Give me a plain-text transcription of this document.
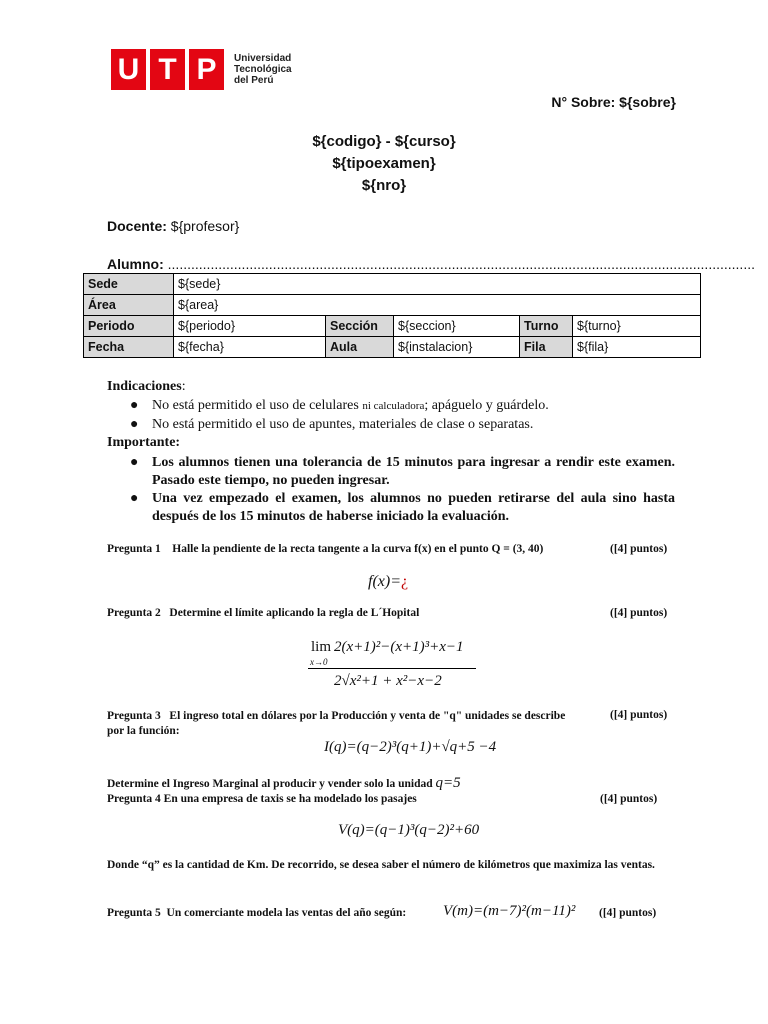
U T P	Universidad
Tecnológica
del Perú
N° Sobre: ${sobre}
${codigo} - ${curso}
${tipoexamen}
${nro}
Docente: ${profesor}
Alumno: .......................................................................................................................................................
Sede	${sede}				
Área	${area}				
Periodo	${periodo}	Sección	${seccion}	Turno	${turno}
Fecha	${fecha}	Aula	${instalacion}	Fila	${fila}
Indicaciones:
● No está permitido el uso de celulares ni calculadora; apáguelo y guárdelo.
● No está permitido el uso de apuntes, materiales de clase o separatas.
Importante:
● Los alumnos tienen una tolerancia de 15 minutos para ingresar a rendir este examen. Pasado este tiempo, no pueden ingresar.
● Una vez empezado el examen, los alumnos no pueden retirarse del aula sino hasta después de los 15 minutos de haberse iniciado la evaluación.
Pregunta 1    Halle la pendiente de la recta tangente a la curva f(x) en el punto Q = (3, 40)	([4] puntos)
f(x)=¿
Pregunta 2   Determine el límite aplicando la regla de L´Hopital	([4] puntos)
lim
x→0
2(x+1)²−(x+1)³+x−1
2√x²+1 + x²−x−2
Pregunta 3   El ingreso total en dólares por la Producción y venta de "q" unidades se describe por la función:
([4] puntos)
I(q)=(q−2)³(q+1)+√q+5 −4
Determine el Ingreso Marginal al producir y vender solo la unidad q=5
Pregunta 4 En una empresa de taxis se ha modelado los pasajes	([4] puntos)
V(q)=(q−1)³(q−2)²+60
Donde “q” es la cantidad de Km. De recorrido, se desea saber el número de kilómetros que maximiza las ventas.
Pregunta 5  Un comerciante modela las ventas del año según: V(m)=(m−7)²(m−11)² ([4] puntos)
